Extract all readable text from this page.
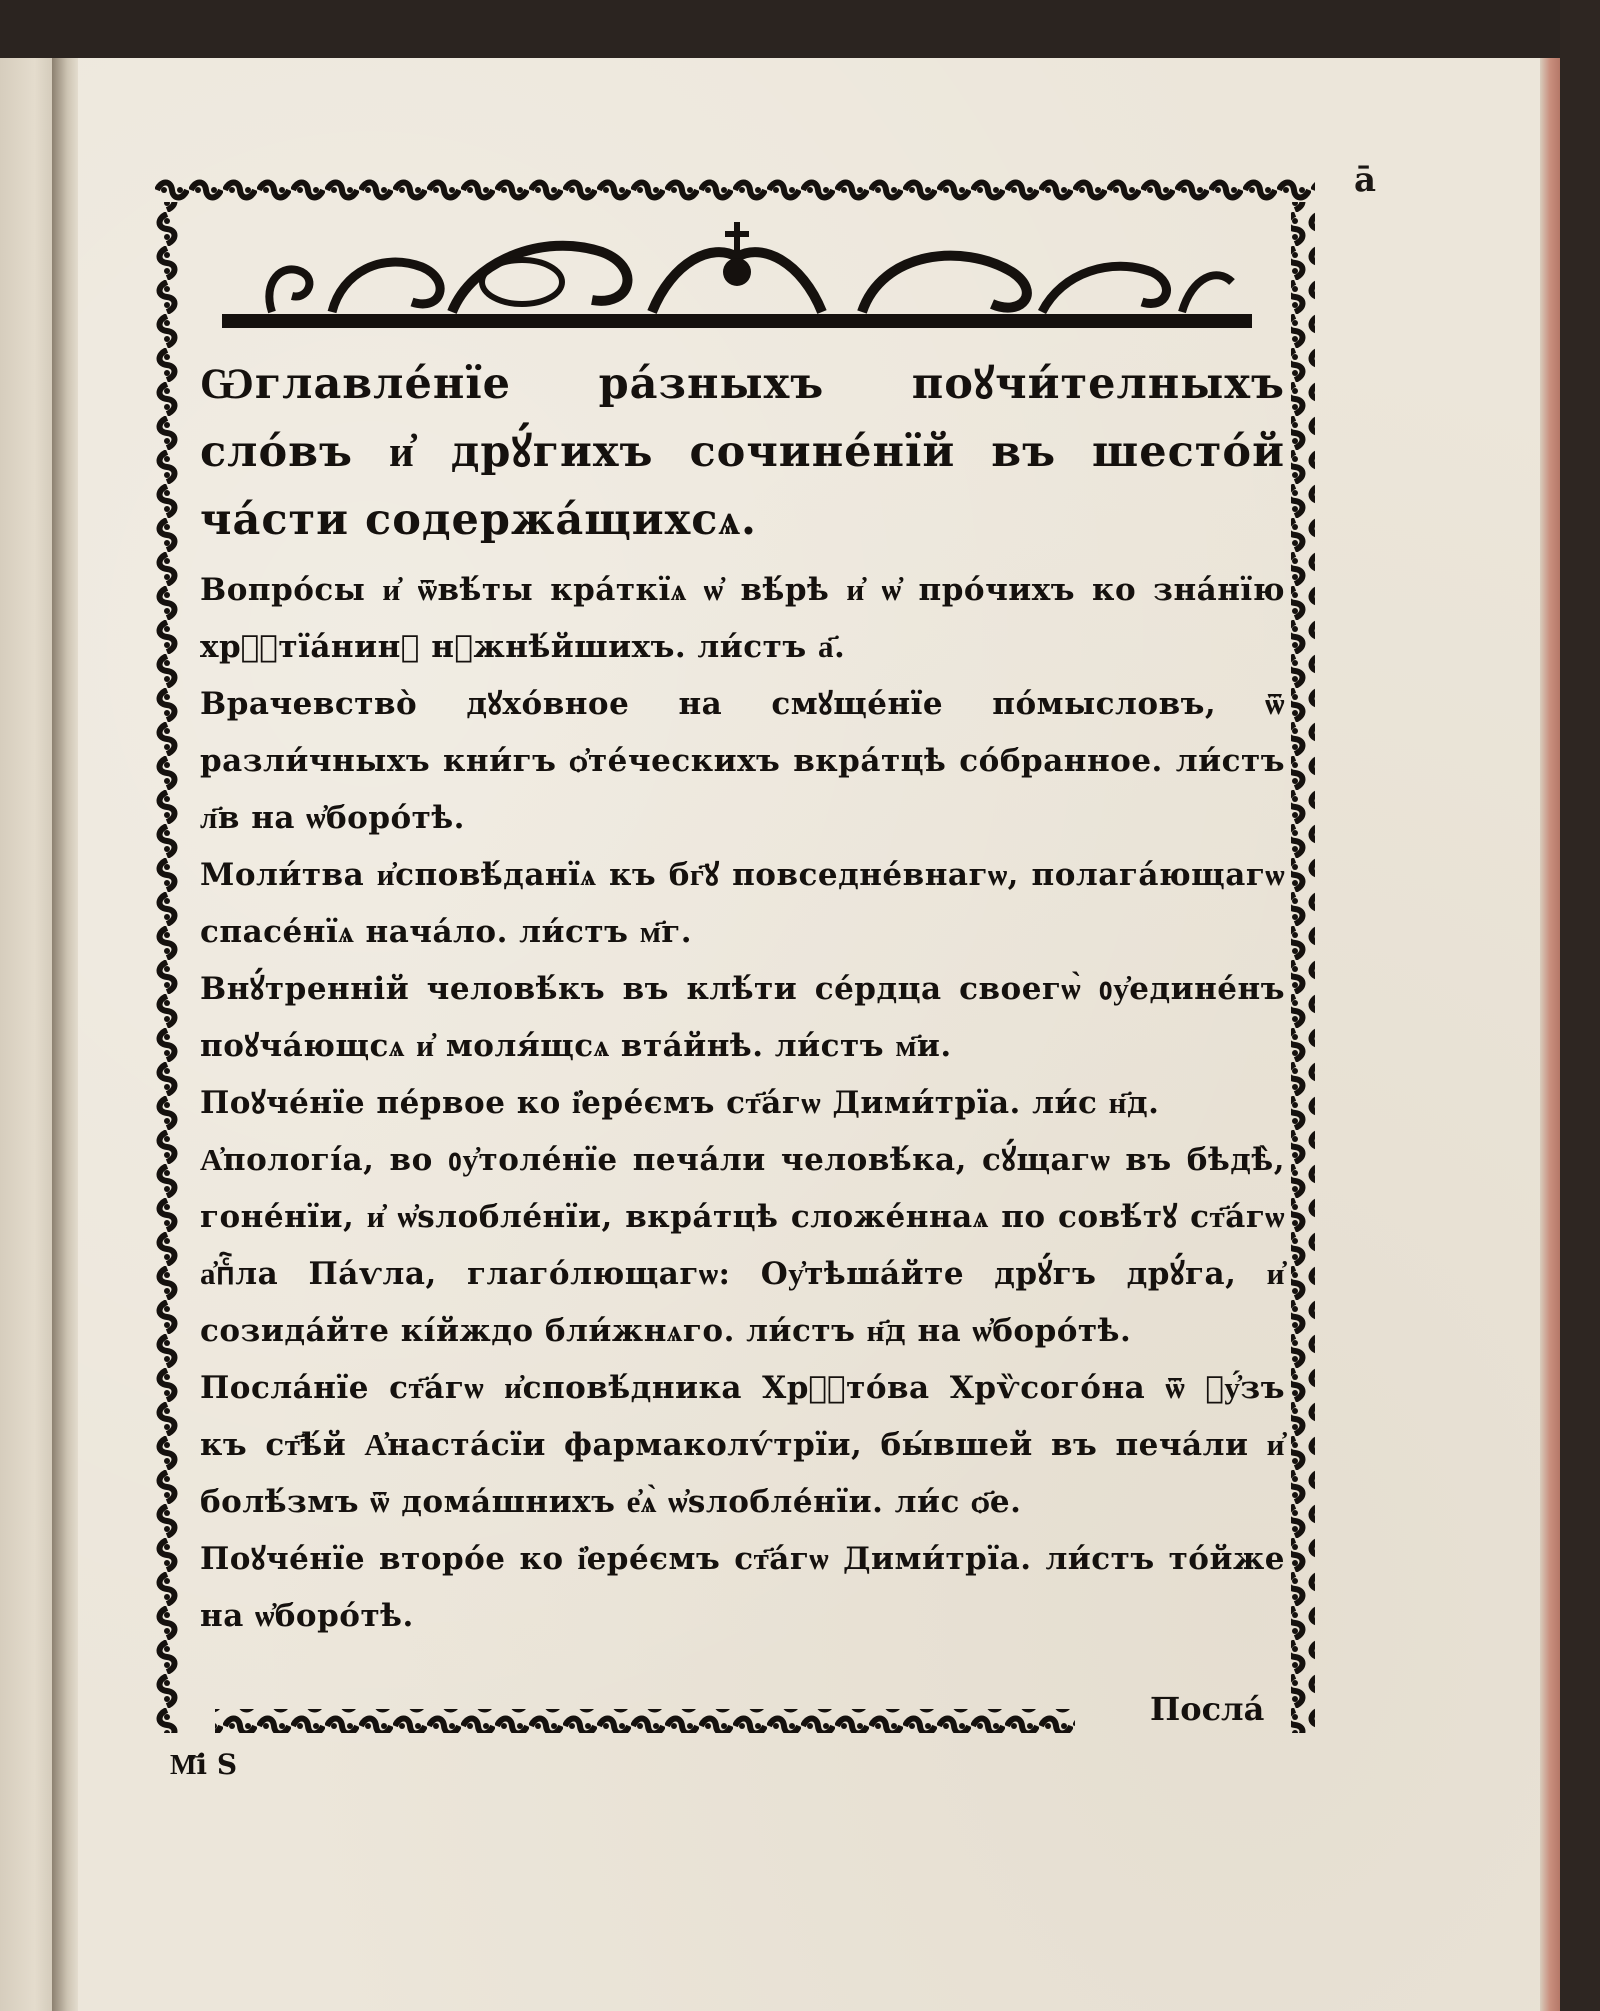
ā

Ѡглавле́нїе ра́зныхъ поꙋчи́телныхъ сло́въ и҆ дрꙋ́гихъ сочине́нїй въ шесто́й ча́сти содержа́щихсѧ.

Вопро́сы и҆ ѿвѣ́ты кра́ткїѧ ѡ҆ вѣ́рѣ и҆ ѡ҆ про́чихъ ко зна́нїю хрⷭ҇тїа́нинꙋ нꙋжнѣ́йшихъ. ли́стъ а҃.

Врачевство̀ дꙋхо́вное на смꙋще́нїе по́мысловъ, ѿ разли́чныхъ кни́гъ ѻ҆те́ческихъ вкра́тцѣ со́бранное. ли́стъ л҃в на ѡ҆боро́тѣ.

Моли́тва и҆сповѣ́данїѧ къ бг҃ꙋ повседне́внагѡ, полага́ющагѡ спасе́нїѧ нача́ло. ли́стъ м҃г.

Внꙋ́тренній человѣ́къ въ клѣ́ти се́рдца своегѡ̀ ᲂу҆едине́нъ поꙋча́ющсѧ и҆ моля́щсѧ вта́йнѣ. ли́стъ м҃и.

Поꙋче́нїе пе́рвое ко і҆ере́ємъ ст҃а́гѡ Дими́трїа. ли́с н҃д.

А҆пологі́а, во ᲂу҆толе́нїе печа́ли человѣ́ка, сꙋ́щагѡ въ бѣдѣ̀, гоне́нїи, и҆ ѡ҆ѕлобле́нїи, вкра́тцѣ сложе́ннаѧ по совѣ́тꙋ ст҃а́гѡ а҆пⷭ҇ла Па́ѵла, глаго́лющагѡ: Оу҆тѣша́йте дрꙋ́гъ дрꙋ́га, и҆ созида́йте кі́йждо бли́жнѧго. ли́стъ н҃д на ѡ҆боро́тѣ.

Посла́нїе ст҃а́гѡ и҆сповѣ́дника Хрⷭ҇то́ва Хрѷсого́на ѿ ᲂу҆́зъ къ ст҃ѣ́й А҆наста́сїи фармаколѵ́трїи, бы́вшей въ печа́ли и҆ болѣ́змъ ѿ дома́шнихъ е҆ѧ̀ ѡ҆ѕлобле́нїи. ли́с ѻ҃е.

Поꙋче́нїе второ́е ко і҆ере́ємъ ст҃а́гѡ Дими́трїа. ли́стъ то́йже на ѡ҆боро́тѣ.

Посла́
М҃і Ѕ
